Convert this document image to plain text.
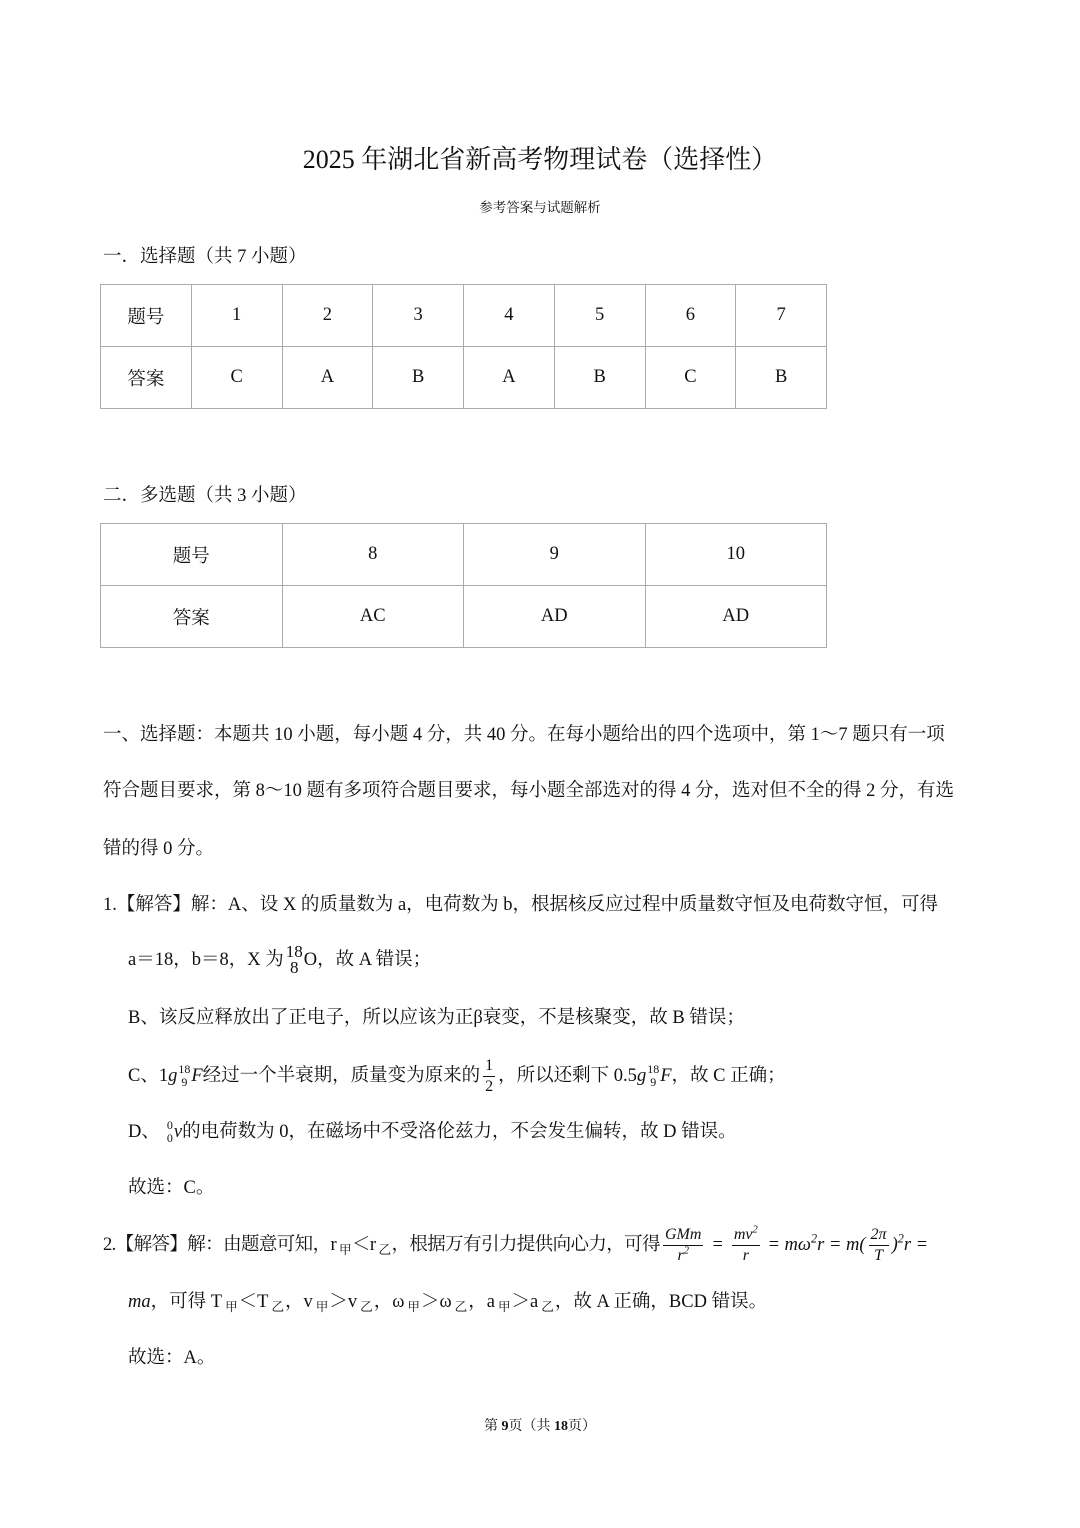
2025 年湖北省新高考物理试卷（选择性）
参考答案与试题解析
一．选择题（共 7 小题）
题号	1	2	3	4	5	6	7
答案	C	A	B	A	B	C	B
二．多选题（共 3 小题）
题号	8	9	10
答案	AC	AD	AD
一、选择题：本题共 10 小题，每小题 4 分，共 40 分。在每小题给出的四个选项中，第 1～7 题只有一项
符合题目要求，第 8～10 题有多项符合题目要求，每小题全部选对的得 4 分，选对但不全的得 2 分，有选
错的得 0 分。
1.【解答】解：A、设 X 的质量数为 a，电荷数为 b，根据核反应过程中质量数守恒及电荷数守恒，可得
a＝18，b＝8，X 为 18
8 O ，故 A 错误；
B、该反应释放出了正电子，所以应该为正β衰变，不是核聚变，故 B 错误；
C、1 g 18
9 F 经过一个半衰期，质量变为原来的 $\frac{1}{2}$ ，所以还剩下 0.5 g 18
9 F ，故 C 正确；
D、 0
0 v 的电荷数为 0，在磁场中不受洛伦兹力，不会发生偏转，故 D 错误。
故选：C。
2.【解答】解：由题意可知，r $_甲$＜r $_乙$，根据万有引力提供向心力，可得 $\frac{\text{GMm}}{r^2} = \frac{mv^2}{r} = m\omega^2r = m( \frac{2\pi}{T} )^2r$ =
ma，可得 T $_甲$＜T $_乙$，v $_甲$＞v $_乙$，ω $_甲$＞ω $_乙$，a $_甲$＞a $_乙$，故 A 正确，BCD 错误。
故选：A。
第 9页（共 18页）
